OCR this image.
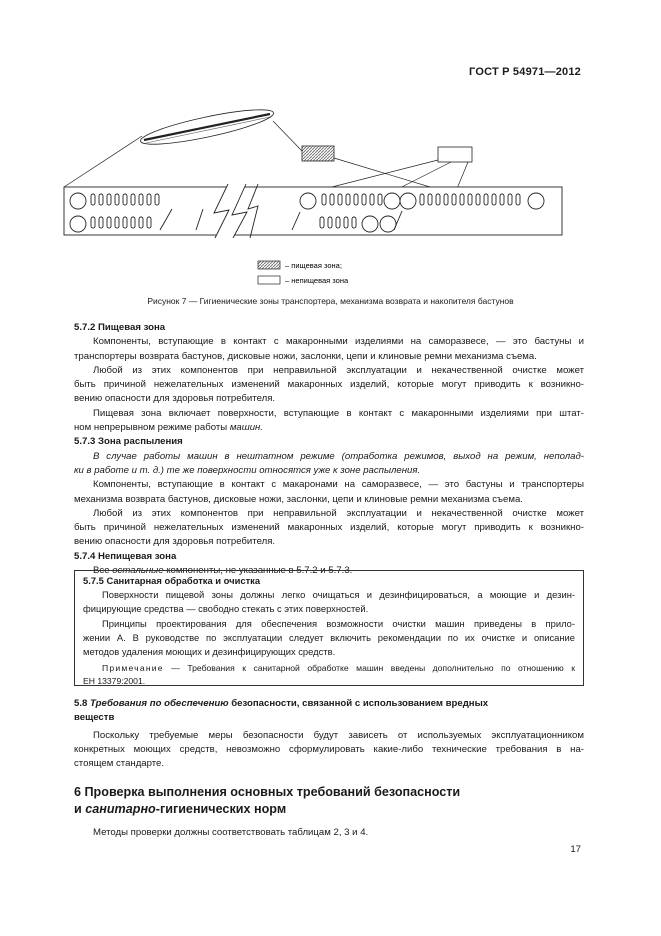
ГОСТ Р 54971—2012
– пищевая зона;
– непищевая зона
Рисунок 7 — Гигиенические зоны транспортера, механизма возврата и накопителя бастунов
5.7.2 Пищевая зона
Компоненты, вступающие в контакт с макаронными изделиями на саморазвесе, — это бастуны и
транспортеры возврата бастунов, дисковые ножи, заслонки, цепи и клиновые ремни механизма съема.
Любой из этих компонентов при неправильной эксплуатации и некачественной очистке может
быть причиной нежелательных изменений макаронных изделий, которые могут приводить к возникно-
вению опасности для здоровья потребителя.
Пищевая зона включает поверхности, вступающие в контакт с макаронными изделиями при штат-
ном непрерывном режиме работы машин.
5.7.3 Зона распыления
В случае работы машин в нештатном режиме (отработка режимов, выход на режим, неполад-
ки в работе и т. д.) те же поверхности относятся уже к зоне распыления.
Компоненты, вступающие в контакт с макаронами на саморазвесе, — это бастуны и транспортеры
механизма возврата бастунов, дисковые ножи, заслонки, цепи и клиновые ремни механизма съема.
Любой из этих компонентов при неправильной эксплуатации и некачественной очистке может
быть причиной нежелательных изменений макаронных изделий, которые могут приводить к возникно-
вению опасности для здоровья потребителя.
5.7.4 Непищевая зона
Все остальные компоненты, не указанные в 5.7.2 и 5.7.3.
5.7.5 Санитарная обработка и очистка
Поверхности пищевой зоны должны легко очищаться и дезинфицироваться, а моющие и дезин-
фицирующие средства — свободно стекать с этих поверхностей.
Принципы проектирования для обеспечения возможности очистки машин приведены в прило-
жении А. В руководстве по эксплуатации следует включить рекомендации по их очистке и описание
методов удаления моющих и дезинфицирующих средств.
Примечание — Требования к санитарной обработке машин введены дополнительно по отношению к
ЕН 13379:2001.
5.8 Требования по обеспечению безопасности, связанной с использованием вредных
веществ
Поскольку требуемые меры безопасности будут зависеть от используемых эксплуатационником
конкретных моющих средств, невозможно сформулировать какие-либо технические требования в на-
стоящем стандарте.
6 Проверка выполнения основных требований безопасности
и санитарно-гигиенических норм
Методы проверки должны соответствовать таблицам 2, 3 и 4.
17
